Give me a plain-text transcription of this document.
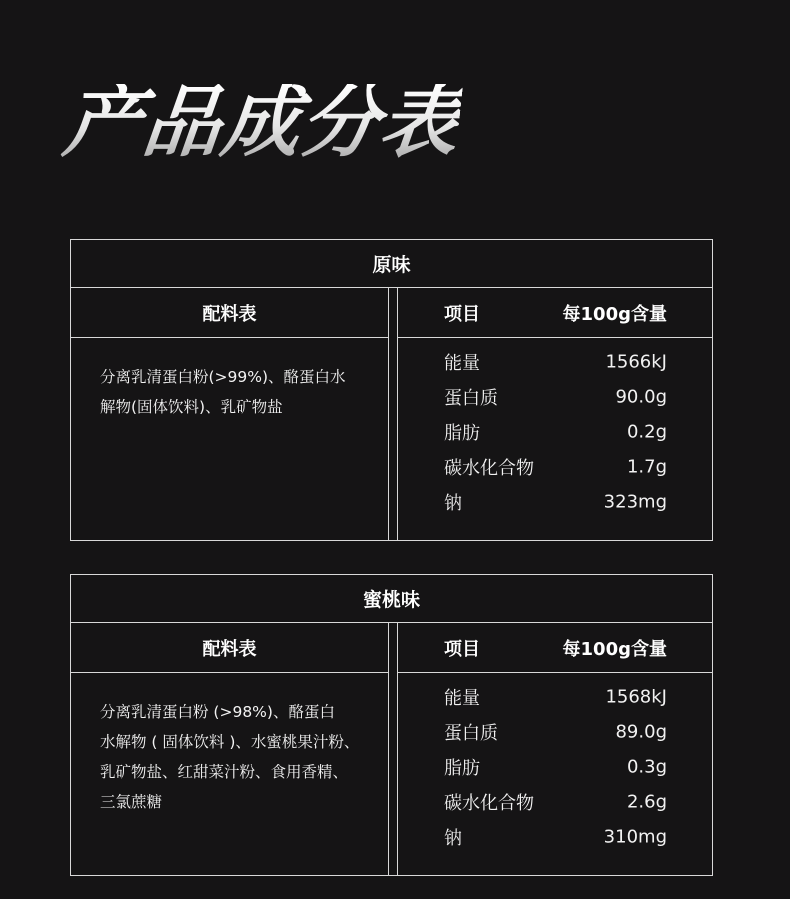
产品成分表
原味
配料表
分离乳清蛋白粉(>99%)、酪蛋白水
解物(固体饮料)、乳矿物盐
项目	每100g含量
能量	1566kJ
蛋白质	90.0g
脂肪	0.2g
碳水化合物	1.7g
钠	323mg
蜜桃味
配料表
分离乳清蛋白粉 (>98%)、酪蛋白
水解物 ( 固体饮料 )、水蜜桃果汁粉、
乳矿物盐、红甜菜汁粉、食用香精、
三氯蔗糖
项目	每100g含量
能量	1568kJ
蛋白质	89.0g
脂肪	0.3g
碳水化合物	2.6g
钠	310mg
